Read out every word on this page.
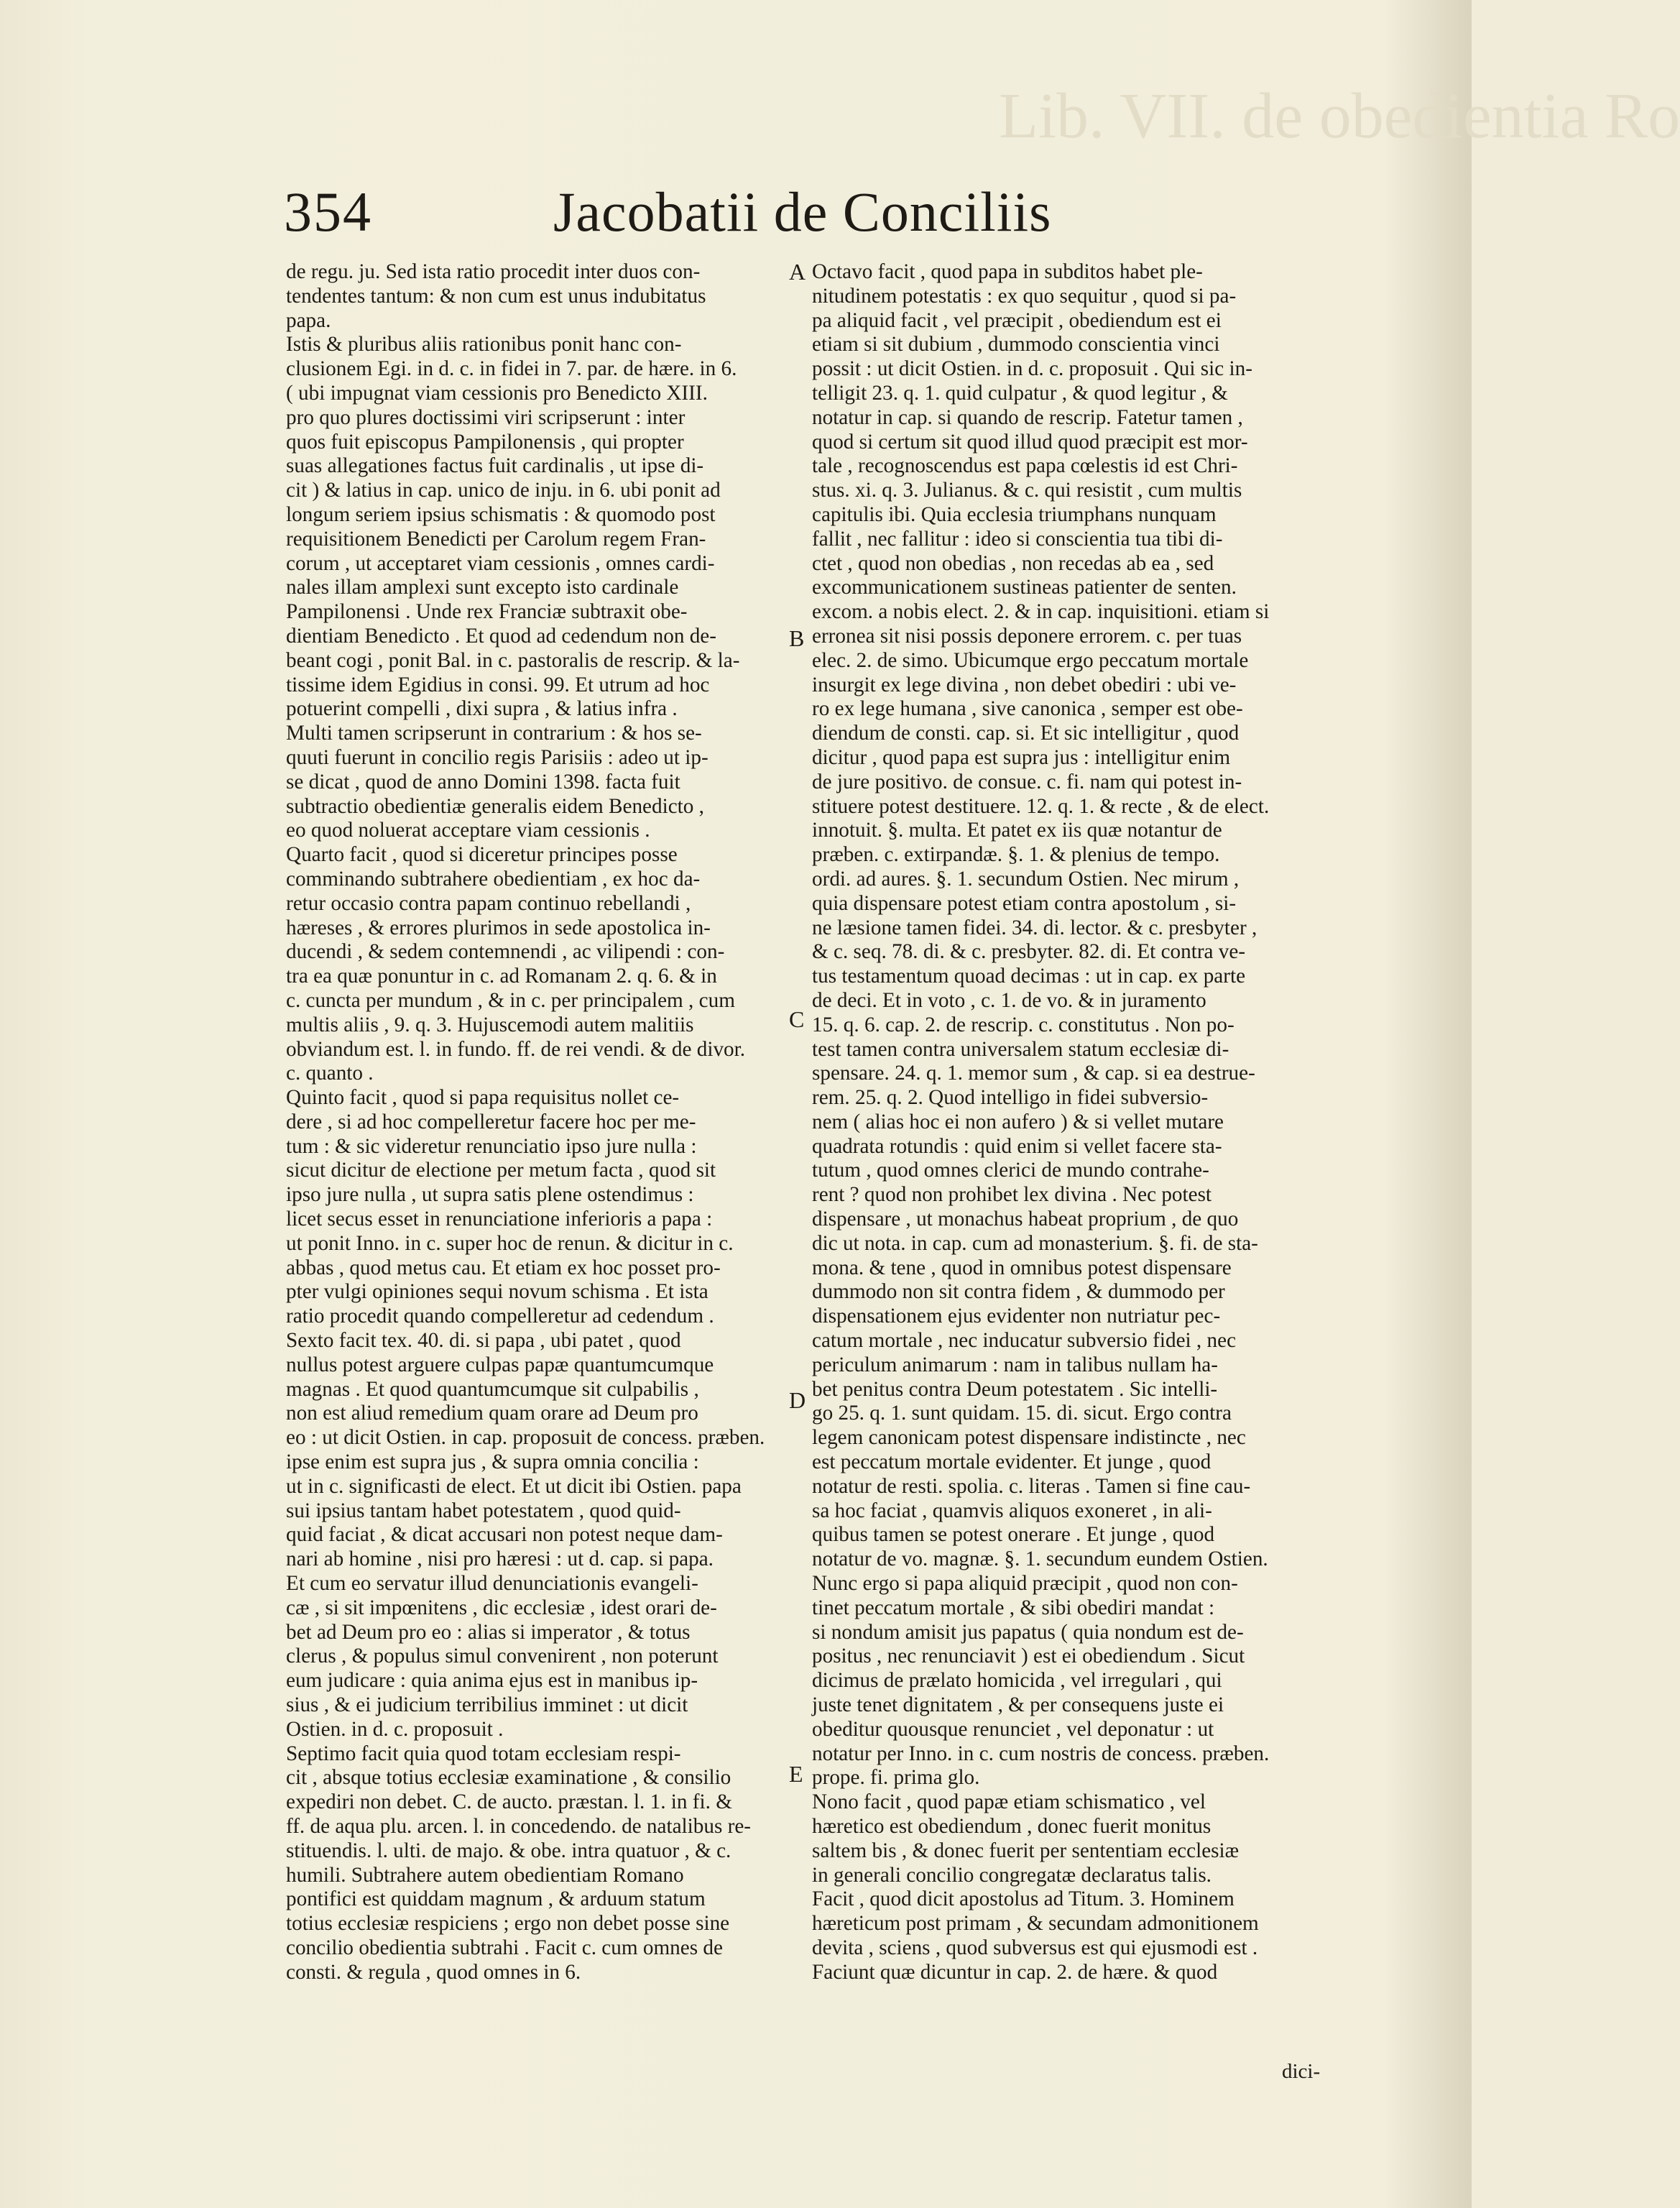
Lib. VII. de obedientia Ro
354	Jacobatii de Conciliis
de regu. ju. Sed ista ratio procedit inter duos con-
tendentes tantum: & non cum est unus indubitatus
papa.
Istis & pluribus aliis rationibus ponit hanc con-
clusionem Egi. in d. c. in fidei in 7. par. de hære. in 6.
( ubi impugnat viam cessionis pro Benedicto XIII.
pro quo plures doctissimi viri scripserunt : inter
quos fuit episcopus Pampilonensis , qui propter
suas allegationes factus fuit cardinalis , ut ipse di-
cit ) & latius in cap. unico de inju. in 6. ubi ponit ad
longum seriem ipsius schismatis : & quomodo post
requisitionem Benedicti per Carolum regem Fran-
corum , ut acceptaret viam cessionis , omnes cardi-
nales illam amplexi sunt excepto isto cardinale
Pampilonensi . Unde rex Franciæ subtraxit obe-
dientiam Benedicto . Et quod ad cedendum non de-
beant cogi , ponit Bal. in c. pastoralis de rescrip. & la-
tissime idem Egidius in consi. 99. Et utrum ad hoc
potuerint compelli , dixi supra , & latius infra .
Multi tamen scripserunt in contrarium : & hos se-
quuti fuerunt in concilio regis Parisiis : adeo ut ip-
se dicat , quod de anno Domini 1398. facta fuit
subtractio obedientiæ generalis eidem Benedicto ,
eo quod noluerat acceptare viam cessionis .
Quarto facit , quod si diceretur principes posse
comminando subtrahere obedientiam , ex hoc da-
retur occasio contra papam continuo rebellandi ,
hæreses , & errores plurimos in sede apostolica in-
ducendi , & sedem contemnendi , ac vilipendi : con-
tra ea quæ ponuntur in c. ad Romanam 2. q. 6. & in
c. cuncta per mundum , & in c. per principalem , cum
multis aliis , 9. q. 3. Hujuscemodi autem malitiis
obviandum est. l. in fundo. ff. de rei vendi. & de divor.
c. quanto .
Quinto facit , quod si papa requisitus nollet ce-
dere , si ad hoc compelleretur facere hoc per me-
tum : & sic videretur renunciatio ipso jure nulla :
sicut dicitur de electione per metum facta , quod sit
ipso jure nulla , ut supra satis plene ostendimus :
licet secus esset in renunciatione inferioris a papa :
ut ponit Inno. in c. super hoc de renun. & dicitur in c.
abbas , quod metus cau. Et etiam ex hoc posset pro-
pter vulgi opiniones sequi novum schisma . Et ista
ratio procedit quando compelleretur ad cedendum .
Sexto facit tex. 40. di. si papa , ubi patet , quod
nullus potest arguere culpas papæ quantumcumque
magnas . Et quod quantumcumque sit culpabilis ,
non est aliud remedium quam orare ad Deum pro
eo : ut dicit Ostien. in cap. proposuit de concess. præben.
ipse enim est supra jus , & supra omnia concilia :
ut in c. significasti de elect. Et ut dicit ibi Ostien. papa
sui ipsius tantam habet potestatem , quod quid-
quid faciat , & dicat accusari non potest neque dam-
nari ab homine , nisi pro hæresi : ut d. cap. si papa.
Et cum eo servatur illud denunciationis evangeli-
cæ , si sit impœnitens , dic ecclesiæ , idest orari de-
bet ad Deum pro eo : alias si imperator , & totus
clerus , & populus simul convenirent , non poterunt
eum judicare : quia anima ejus est in manibus ip-
sius , & ei judicium terribilius imminet : ut dicit
Ostien. in d. c. proposuit .
Septimo facit quia quod totam ecclesiam respi-
cit , absque totius ecclesiæ examinatione , & consilio
expediri non debet. C. de aucto. præstan. l. 1. in fi. &
ff. de aqua plu. arcen. l. in concedendo. de natalibus re-
stituendis. l. ulti. de majo. & obe. intra quatuor , & c.
humili. Subtrahere autem obedientiam Romano
pontifici est quiddam magnum , & arduum statum
totius ecclesiæ respiciens ; ergo non debet posse sine
concilio obedientia subtrahi . Facit c. cum omnes de
consti. & regula , quod omnes in 6.
Octavo facit , quod papa in subditos habet ple-
nitudinem potestatis : ex quo sequitur , quod si pa-
pa aliquid facit , vel præcipit , obediendum est ei
etiam si sit dubium , dummodo conscientia vinci
possit : ut dicit Ostien. in d. c. proposuit . Qui sic in-
telligit 23. q. 1. quid culpatur , & quod legitur , &
notatur in cap. si quando de rescrip. Fatetur tamen ,
quod si certum sit quod illud quod præcipit est mor-
tale , recognoscendus est papa cœlestis id est Chri-
stus. xi. q. 3. Julianus. & c. qui resistit , cum multis
capitulis ibi. Quia ecclesia triumphans nunquam
fallit , nec fallitur : ideo si conscientia tua tibi di-
ctet , quod non obedias , non recedas ab ea , sed
excommunicationem sustineas patienter de senten.
excom. a nobis elect. 2. & in cap. inquisitioni. etiam si
erronea sit nisi possis deponere errorem. c. per tuas
elec. 2. de simo. Ubicumque ergo peccatum mortale
insurgit ex lege divina , non debet obediri : ubi ve-
ro ex lege humana , sive canonica , semper est obe-
diendum de consti. cap. si. Et sic intelligitur , quod
dicitur , quod papa est supra jus : intelligitur enim
de jure positivo. de consue. c. fi. nam qui potest in-
stituere potest destituere. 12. q. 1. & recte , & de elect.
innotuit. §. multa. Et patet ex iis quæ notantur de
præben. c. extirpandæ. §. 1. & plenius de tempo.
ordi. ad aures. §. 1. secundum Ostien. Nec mirum ,
quia dispensare potest etiam contra apostolum , si-
ne læsione tamen fidei. 34. di. lector. & c. presbyter ,
& c. seq. 78. di. & c. presbyter. 82. di. Et contra ve-
tus testamentum quoad decimas : ut in cap. ex parte
de deci. Et in voto , c. 1. de vo. & in juramento
15. q. 6. cap. 2. de rescrip. c. constitutus . Non po-
test tamen contra universalem statum ecclesiæ di-
spensare. 24. q. 1. memor sum , & cap. si ea destrue-
rem. 25. q. 2. Quod intelligo in fidei subversio-
nem ( alias hoc ei non aufero ) & si vellet mutare
quadrata rotundis : quid enim si vellet facere sta-
tutum , quod omnes clerici de mundo contrahe-
rent ? quod non prohibet lex divina . Nec potest
dispensare , ut monachus habeat proprium , de quo
dic ut nota. in cap. cum ad monasterium. §. fi. de sta-
mona. & tene , quod in omnibus potest dispensare
dummodo non sit contra fidem , & dummodo per
dispensationem ejus evidenter non nutriatur pec-
catum mortale , nec inducatur subversio fidei , nec
periculum animarum : nam in talibus nullam ha-
bet penitus contra Deum potestatem . Sic intelli-
go 25. q. 1. sunt quidam. 15. di. sicut. Ergo contra
legem canonicam potest dispensare indistincte , nec
est peccatum mortale evidenter. Et junge , quod
notatur de resti. spolia. c. literas . Tamen si fine cau-
sa hoc faciat , quamvis aliquos exoneret , in ali-
quibus tamen se potest onerare . Et junge , quod
notatur de vo. magnæ. §. 1. secundum eundem Ostien.
Nunc ergo si papa aliquid præcipit , quod non con-
tinet peccatum mortale , & sibi obediri mandat :
si nondum amisit jus papatus ( quia nondum est de-
positus , nec renunciavit ) est ei obediendum . Sicut
dicimus de prælato homicida , vel irregulari , qui
juste tenet dignitatem , & per consequens juste ei
obeditur quousque renunciet , vel deponatur : ut
notatur per Inno. in c. cum nostris de concess. præben.
prope. fi. prima glo.
Nono facit , quod papæ etiam schismatico , vel
hæretico est obediendum , donec fuerit monitus
saltem bis , & donec fuerit per sententiam ecclesiæ
in generali concilio congregatæ declaratus talis.
Facit , quod dicit apostolus ad Titum. 3. Hominem
hæreticum post primam , & secundam admonitionem
devita , sciens , quod subversus est qui ejusmodi est .
Faciunt quæ dicuntur in cap. 2. de hære. & quod
A
B
C
D
E
dici-
